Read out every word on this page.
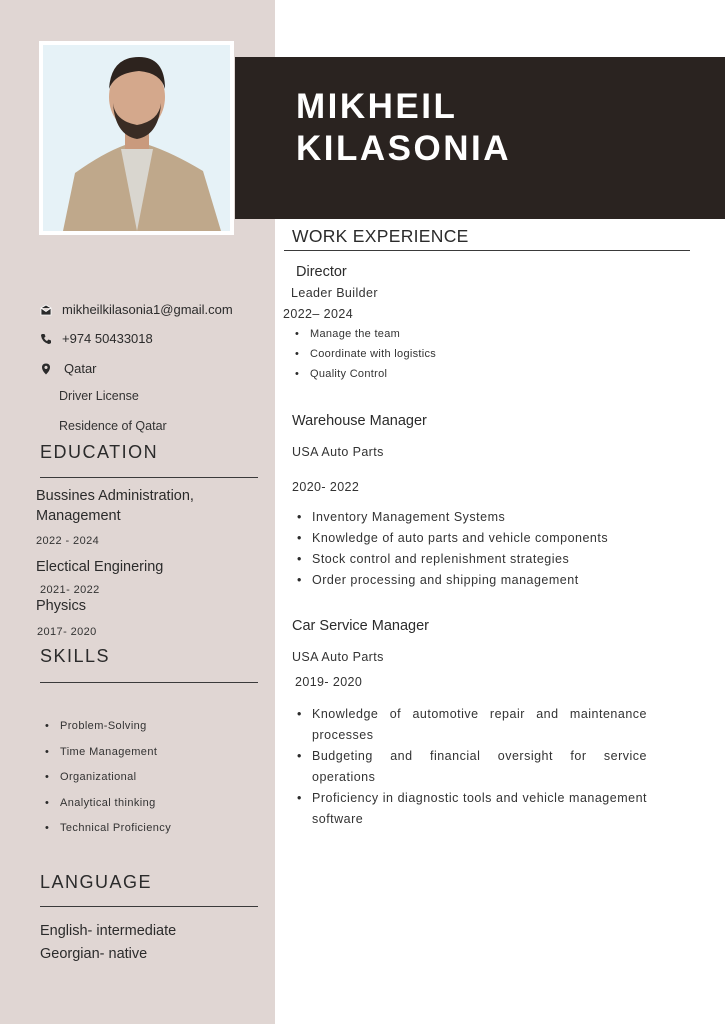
MIKHEIL
KILASONIA
mikheilkilasonia1@gmail.com
+974 50433018
Qatar
Driver License
Residence of Qatar
EDUCATION
Bussines Administration,
Management
2022 - 2024
Electical Enginering
2021- 2022
Physics
2017- 2020
SKILLS
• Problem-Solving
• Time Management
• Organizational
• Analytical thinking
• Technical Proficiency
LANGUAGE
English- intermediate
Georgian- native
WORK EXPERIENCE
Director
Leader Builder
2022– 2024
• Manage the team
• Coordinate with logistics
• Quality Control
Warehouse Manager
USA Auto Parts
2020- 2022
• Inventory Management Systems
• Knowledge of auto parts and vehicle components
• Stock control and replenishment strategies
• Order processing and shipping management
Car Service Manager
USA Auto Parts
2019- 2020
• Knowledge of automotive repair and maintenance processes
• Budgeting and financial oversight for service operations
• Proficiency in diagnostic tools and vehicle management software
